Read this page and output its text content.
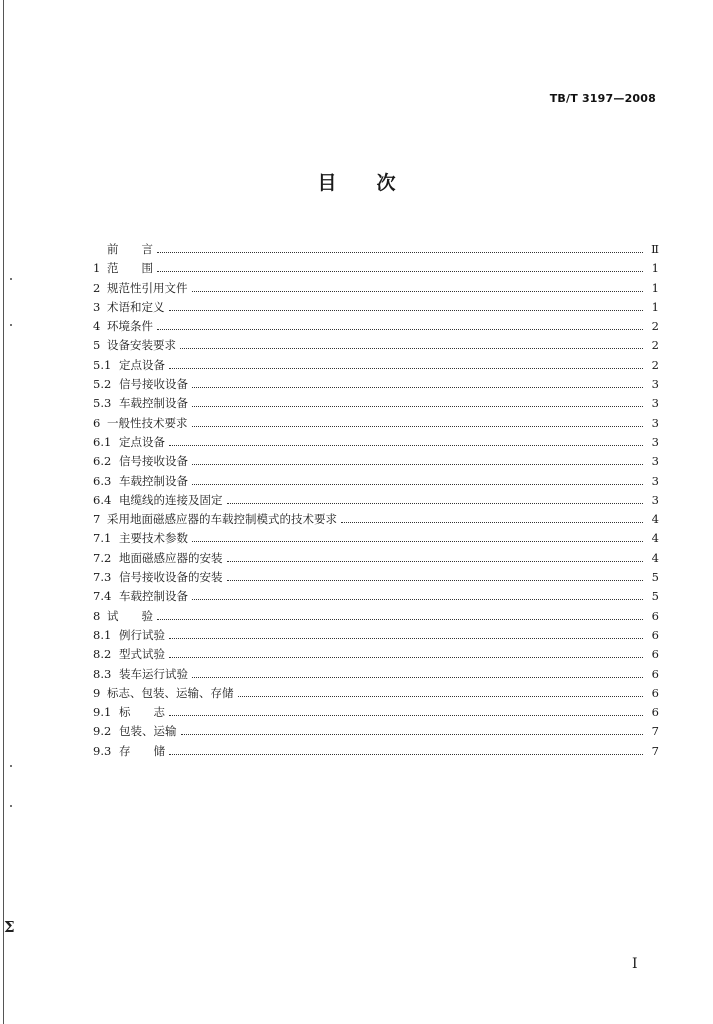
Σ
TB/T 3197—2008
目次
前　　言	Ⅱ
1 范　　围	1
2 规范性引用文件	1
3 术语和定义	1
4 环境条件	2
5 设备安装要求	2
5.1 定点设备	2
5.2 信号接收设备	3
5.3 车载控制设备	3
6 一般性技术要求	3
6.1 定点设备	3
6.2 信号接收设备	3
6.3 车载控制设备	3
6.4 电缆线的连接及固定	3
7 采用地面磁感应器的车载控制模式的技术要求	4
7.1 主要技术参数	4
7.2 地面磁感应器的安装	4
7.3 信号接收设备的安装	5
7.4 车载控制设备	5
8 试　　验	6
8.1 例行试验	6
8.2 型式试验	6
8.3 装车运行试验	6
9 标志、包装、运输、存储	6
9.1 标　　志	6
9.2 包装、运输	7
9.3 存　　储	7
I
